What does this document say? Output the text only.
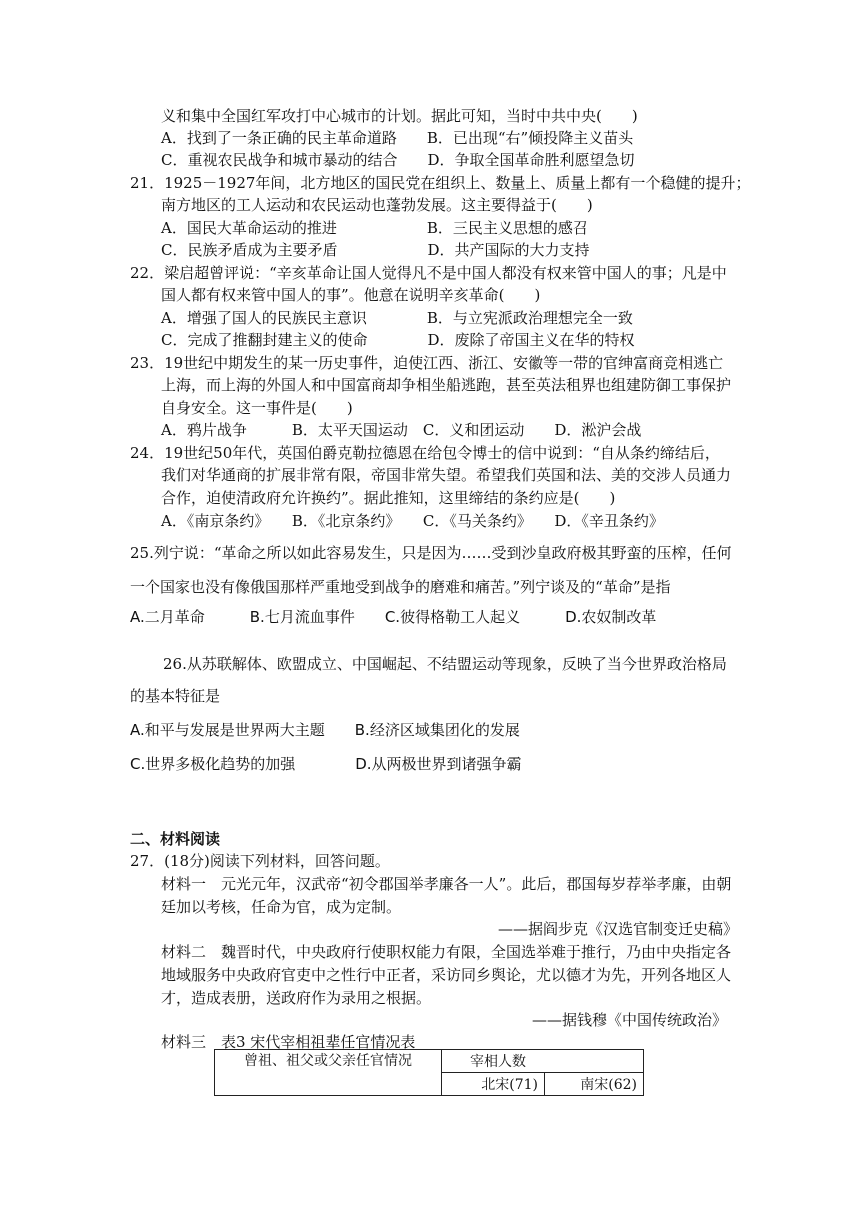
义和集中全国红军攻打中心城市的计划。据此可知，当时中共中央(　　)
A．找到了一条正确的民主革命道路　　B．已出现“右”倾投降主义苗头
C．重视农民战争和城市暴动的结合　　D．争取全国革命胜利愿望急切
21．1925－1927年间，北方地区的国民党在组织上、数量上、质量上都有一个稳健的提升；
南方地区的工人运动和农民运动也蓬勃发展。这主要得益于(　　)
A．国民大革命运动的推进　　　　　　B．三民主义思想的感召
C．民族矛盾成为主要矛盾　　　　　　D．共产国际的大力支持
22．梁启超曾评说：“辛亥革命让国人觉得凡不是中国人都没有权来管中国人的事；凡是中
国人都有权来管中国人的事”。他意在说明辛亥革命(　　)
A．增强了国人的民族民主意识　　　　B．与立宪派政治理想完全一致
C．完成了推翻封建主义的使命　　　　D．废除了帝国主义在华的特权
23．19世纪中期发生的某一历史事件，迫使江西、浙江、安徽等一带的官绅富商竞相逃亡
上海，而上海的外国人和中国富商却争相坐船逃跑，甚至英法租界也组建防御工事保护
自身安全。这一事件是(　　)
A．鸦片战争　　　B．太平天国运动　C．义和团运动　　D．淞沪会战
24．19世纪50年代，英国伯爵克勒拉德恩在给包令博士的信中说到：“自从条约缔结后，
我们对华通商的扩展非常有限，帝国非常失望。希望我们英国和法、美的交涉人员通力
合作，迫使清政府允许换约”。据此推知，这里缔结的条约应是(　　)
A．《南京条约》　　B．《北京条约》　　C．《马关条约》　　D．《辛丑条约》
25.列宁说：“革命之所以如此容易发生，只是因为……受到沙皇政府极其野蛮的压榨，任何
一个国家也没有像俄国那样严重地受到战争的磨难和痛苦。”列宁谈及的“革命”是指
A.二月革命　　　B.七月流血事件　　C.彼得格勒工人起义　　　D.农奴制改革
26.从苏联解体、欧盟成立、中国崛起、不结盟运动等现象，反映了当今世界政治格局
的基本特征是
A.和平与发展是世界两大主题　　B.经济区域集团化的发展
C.世界多极化趋势的加强　　　　D.从两极世界到诸强争霸
二、材料阅读
27．(18分)阅读下列材料，回答问题。
材料一　元光元年，汉武帝“初令郡国举孝廉各一人”。此后，郡国每岁荐举孝廉，由朝
廷加以考核，任命为官，成为定制。
——据阎步克《汉选官制变迁史稿》
材料二　魏晋时代，中央政府行使职权能力有限，全国选举难于推行，乃由中央指定各
地域服务中央政府官吏中之性行中正者，采访同乡舆论，尤以德才为先，开列各地区人
才，造成表册，送政府作为录用之根据。
——据钱穆《中国传统政治》
材料三　表3 宋代宰相祖辈任官情况表
曾祖、祖父或父亲任官情况	宰相人数	
	北宋(71)	南宋(62)
